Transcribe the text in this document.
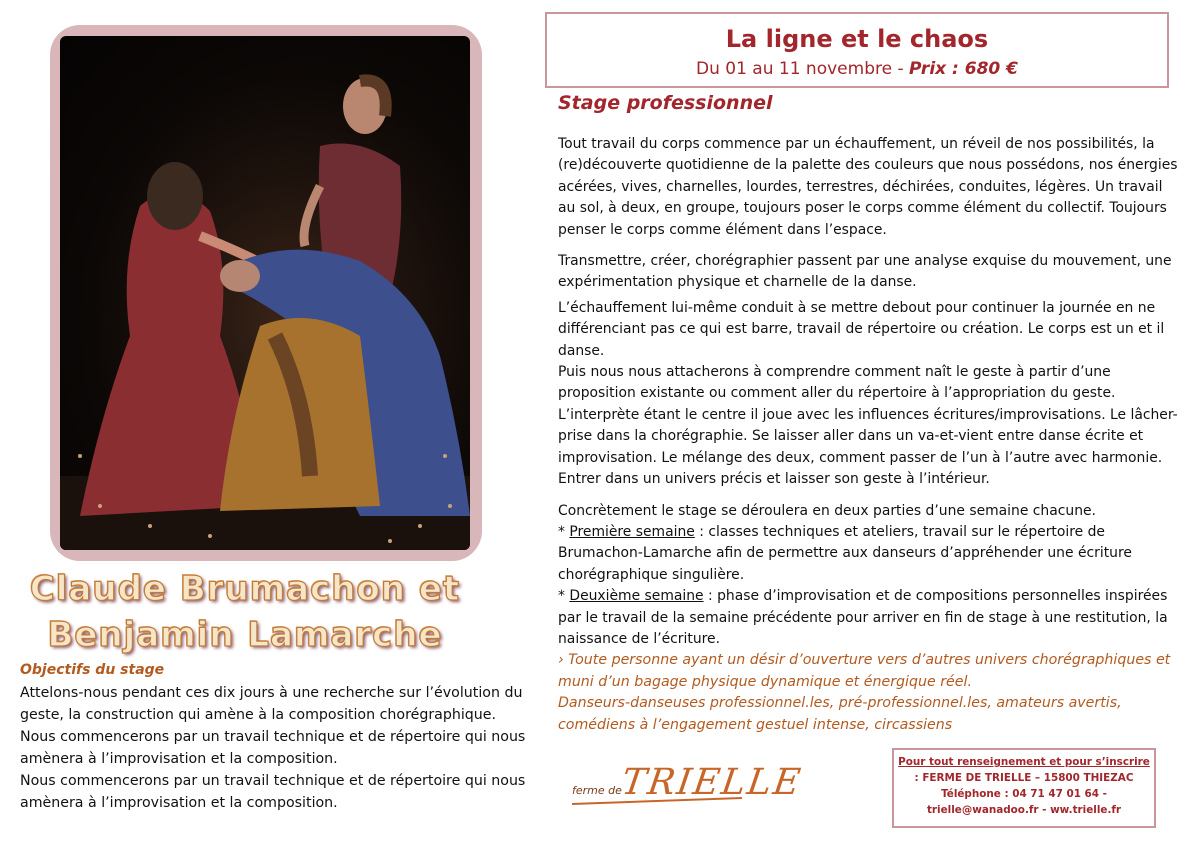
Claude Brumachon et
Benjamin Lamarche
Objectifs du stage

Attelons-nous pendant ces dix jours à une recherche sur l’évolution du geste, la construction qui amène à la composition chorégraphique.

Nous commencerons par un travail technique et de répertoire qui nous amènera à l’improvisation et la composition.

Nous commencerons par un travail technique et de répertoire qui nous amènera à l’improvisation et la composition.

La ligne et le chaos
Du 01 au 11 novembre - Prix : 680 €
Stage professionnel

Tout travail du corps commence par un échauffement, un réveil de nos possibilités, la (re)découverte quotidienne de la palette des couleurs que nous possédons, nos énergies acérées, vives, charnelles, lourdes, terrestres, déchirées, conduites, légères. Un travail au sol, à deux, en groupe, toujours poser le corps comme élément du collectif. Toujours penser le corps comme élément dans l’espace.

Transmettre, créer, chorégraphier passent par une analyse exquise du mouvement, une expérimentation physique et charnelle de la danse.

L’échauffement lui-même conduit à se mettre debout pour continuer la journée en ne différenciant pas ce qui est barre, travail de répertoire ou création. Le corps est un et il danse.

Puis nous nous attacherons à comprendre comment naît le geste à partir d’une proposition existante ou comment aller du répertoire à l’appropriation du geste. L’interprète étant le centre il joue avec les influences écritures/improvisations. Le lâcher-prise dans la chorégraphie. Se laisser aller dans un va-et-vient entre danse écrite et improvisation. Le mélange des deux, comment passer de l’un à l’autre avec harmonie. Entrer dans un univers précis et laisser son geste à l’intérieur.

Concrètement le stage se déroulera en deux parties d’une semaine chacune.

* Première semaine : classes techniques et ateliers, travail sur le répertoire de Brumachon-Lamarche afin de permettre aux danseurs d’appréhender une écriture chorégraphique singulière.

* Deuxième semaine : phase d’improvisation et de compositions personnelles inspirées par le travail de la semaine précédente pour arriver en fin de stage à une restitution, la naissance de l’écriture.

› Toute personne ayant un désir d’ouverture vers d’autres univers chorégraphiques et muni d’un bagage physique dynamique et énergique réel.

Danseurs-danseuses professionnel.les, pré-professionnel.les, amateurs avertis, comédiens à l’engagement gestuel intense, circassiens

ferme de
TRIELLE	Pour tout renseignement et pour s’inscrire
: FERME DE TRIELLE – 15800 THIEZAC
Téléphone : 04 71 47 01 64 -
trielle@wanadoo.fr - ww.trielle.fr
